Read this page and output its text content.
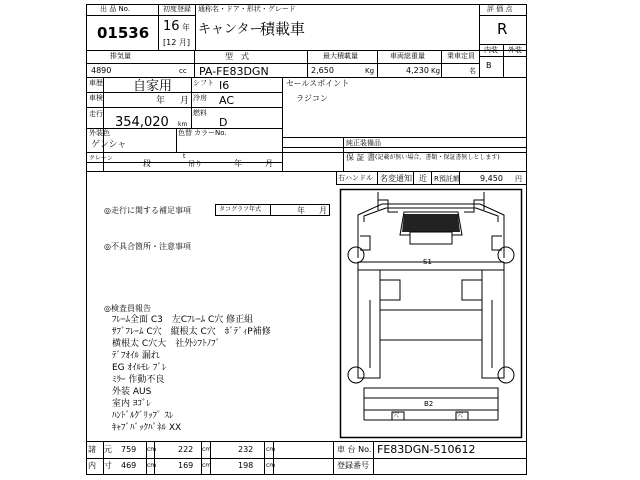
出 品 No.
01536
初度登録
16 年
[12 月]
通称名・ドア・形状・グレード
キャンター
積載車
評 価 点
R
内装 外装
B
排気量
4890	cc
型　式
PA-FE83DGN
最大積載量
2,650	Kg
車両総重量
4,230 Kg
乗車定員
名
車歴 自家用	シフト I6
車検	年 月 冷房 AC
走行
354,020 km
燃料
D
外装色
ゲンシャ
色替 カラーNo.
クレーン
段
t
吊り	年	月
セールスポイント
ラジコン
純正装備品
保 証 書 (記載が無い場合、書類・保証書無しとします)
右ハンドル 名変通知 近 R預託額	9,450 円
◎走行に関する補足事項	タコグラフ年式	年 月
◎不具合箇所・注意事項
◎検査員報告
ﾌﾚｰﾑ全面 C3　左Cﾌﾚｰﾑ C穴 修正組
ｻﾌﾞﾌﾚｰﾑ C穴　縦根太 C穴　ﾎﾞﾃﾞｨP補修
横根太 C穴大　社外ｼﾌﾄﾉﾌﾞ
ﾃﾞﾌｵｲﾙ 漏れ
EG ｵｲﾙﾓﾚ ﾌﾟﾚ
ﾐﾗｰ 作動不良
外装 AUS
室内 ﾖｺﾞﾚ
ﾊﾝﾄﾞﾙｸﾞﾘｯﾌﾟ ｽﾚ
ｷｬﾌﾞﾊﾞｯｸﾊﾟﾈﾙ XX
S1
B2
穴	穴
諸　元 759 cm	222 cm	232 cm
内　寸 469 cm	169 cm	198 cm
車 台 No. FE83DGN-510612
登録番号
